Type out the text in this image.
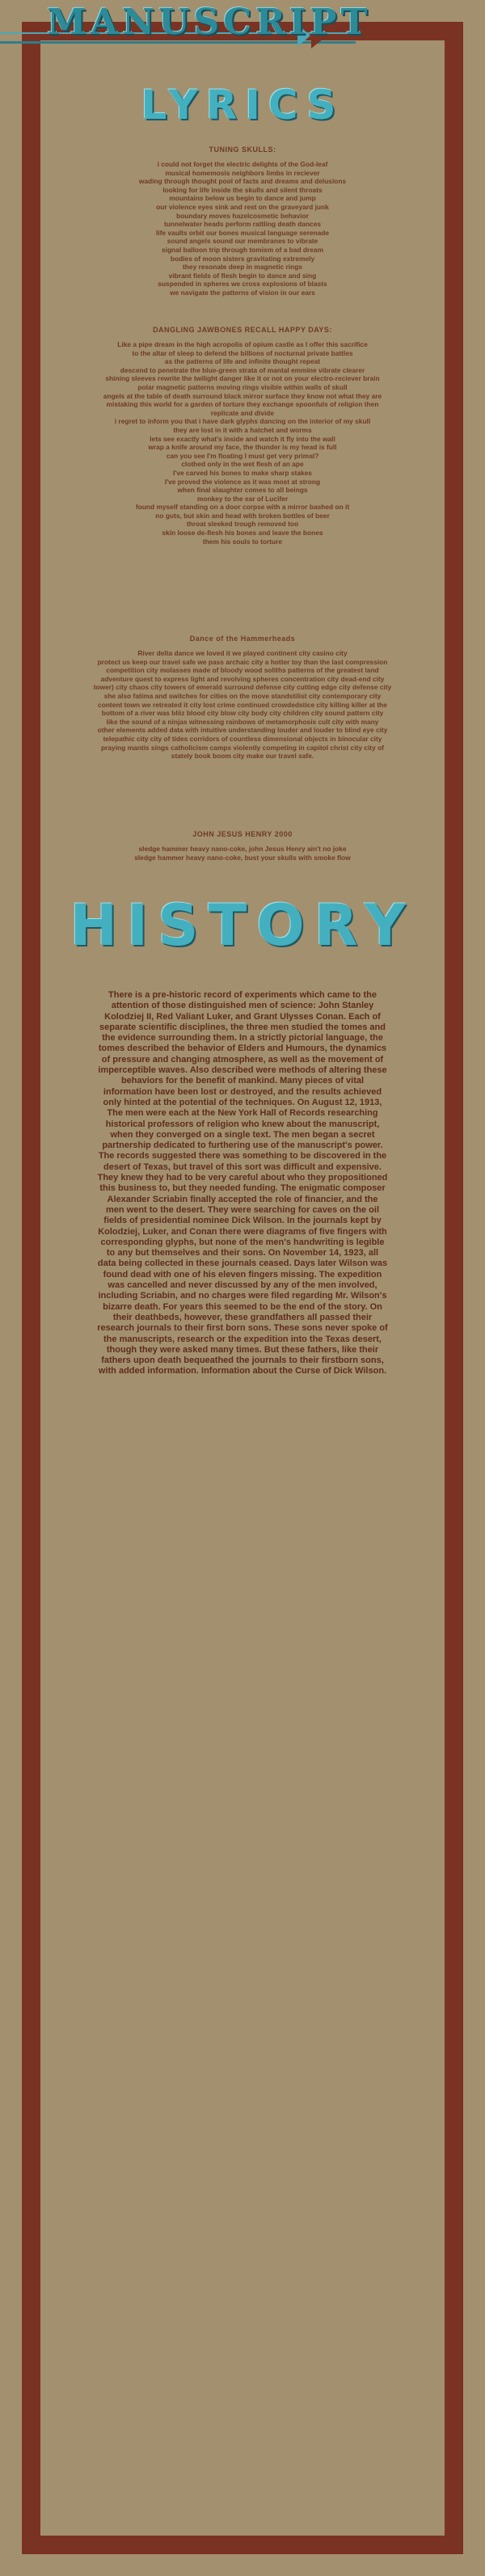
MANUSCRIPT
LYRICS
TUNING SKULLS:
i could not forget the electric delights of the God-leaf
musical homemosis neighbors limbs in reciever
wading through thought pool of facts and dreams and delusions
looking for life inside the skulls and silent throats
mountains below us begin to dance and jump
our violence eyes sink and rest on the graveyard junk
boundary moves hazelcosmetic behavior
tunnelwater heads perform rattling death dances
life vaults orbit our bones musical language serenade
sound angels sound our membranes to vibrate
signal balloon trip through tomism of a bad dream
bodies of moon sisters gravitating extremely
they resonate deep in magnetic rings
vibrant fields of flesh begin to dance and sing
suspended in spheres we cross explosions of blasts
we navigate the patterns of vision in our ears
DANGLING JAWBONES RECALL HAPPY DAYS:
Like a pipe dream in the high acropolis of opium castle as I offer this sacrifice
to the altar of sleep to defend the billions of nocturnal private battles
as the patterns of life and infinite thought repeat
descend to penetrate the blue-green strata of mantal emmine vibrate clearer
shining sleeves rewrite the twilight danger like it or not on your electro-reciever brain
polar magnetic patterns moving rings visible within walls of skull
angels at the table of death surround black mirror surface they know not what they are
mistaking this world for a garden of torture they exchange spoonfuls of religion then
replicate and divide
i regret to inform you that i have dark glyphs dancing on the interior of my skull
they are lost in it with a hatchet and worms
lets see exactly what's inside and watch it fly into the wall
wrap a knife around my face, the thunder is my head is full
can you see I'm floating I must get very primal?
clothed only in the wet flesh of an ape
I've carved his bones to make sharp stakes
I've proved the violence as it was most at strong
when final slaughter comes to all beings
monkey to the ear of Lucifer
found myself standing on a door corpse with a mirror bashed on it
no guts, but skin and head with broken bottles of beer
throat sleeked trough removed too
skin loose de-flesh his bones and leave the bones
them his souls to torture
Dance of the Hammerheads
River delta dance we loved it we played continent city casino city
protect us keep our travel safe we pass archaic city a hotter toy than the last compression
competition city molasses made of bloody wood soliths patterns of the greatest land
adventure quest to express light and revolving spheres concentration city dead-end city
tower) city chaos city towers of emerald surround defense city cutting edge city defense city
she also fatima and switches for cities on the move standstilist city contemporary city
content town we retreated it city lost crime continued crowdedstice city killing killer at the
bottom of a river was bliiz blood city blow city body city children city sound pattern city
like the sound of a ninjas witnessing rainbows of metamorphosis cult city with many
other elements added data with intuitive understanding louder and louder to blind eye city
telepathic city city of tides corridors of countless dimensional objects in binocular city
praying mantis sings catholicism camps violently competing in capitol christ city city of
stately book boom city make our travel safe.
JOHN JESUS HENRY 2000
sledge hammer heavy nano-coke, john Jesus Henry ain't no joke
sledge hammer heavy nano-coke, bust your skulls with smoke flow
HISTORY
There is a pre-historic record of experiments which came to the attention of those distinguished men of science: John Stanley Kolodziej II, Red Valiant Luker, and Grant Ulysses Conan. Each of separate scientific disciplines, the three men studied the tomes and the evidence surrounding them. In a strictly pictorial language, the tomes described the behavior of Elders and Humours, the dynamics of pressure and changing atmosphere, as well as the movement of imperceptible waves. Also described were methods of altering these behaviors for the benefit of mankind. Many pieces of vital information have been lost or destroyed, and the results achieved only hinted at the potential of the techniques. On August 12, 1913, The men were each at the New York Hall of Records researching historical professors of religion who knew about the manuscript, when they converged on a single text. The men began a secret partnership dedicated to furthering use of the manuscript's power. The records suggested there was something to be discovered in the desert of Texas, but travel of this sort was difficult and expensive. They knew they had to be very careful about who they propositioned this business to, but they needed funding. The enigmatic composer Alexander Scriabin finally accepted the role of financier, and the men went to the desert. They were searching for caves on the oil fields of presidential nominee Dick Wilson. In the journals kept by Kolodziej, Luker, and Conan there were diagrams of five fingers with corresponding glyphs, but none of the men's handwriting is legible to any but themselves and their sons. On November 14, 1923, all data being collected in these journals ceased. Days later Wilson was found dead with one of his eleven fingers missing. The expedition was cancelled and never discussed by any of the men involved, including Scriabin, and no charges were filed regarding Mr. Wilson's bizarre death. For years this seemed to be the end of the story. On their deathbeds, however, these grandfathers all passed their research journals to their first born sons. These sons never spoke of the manuscripts, research or the expedition into the Texas desert, though they were asked many times. But these fathers, like their fathers upon death bequeathed the journals to their firstborn sons, with added information. Information about the Curse of Dick Wilson.
